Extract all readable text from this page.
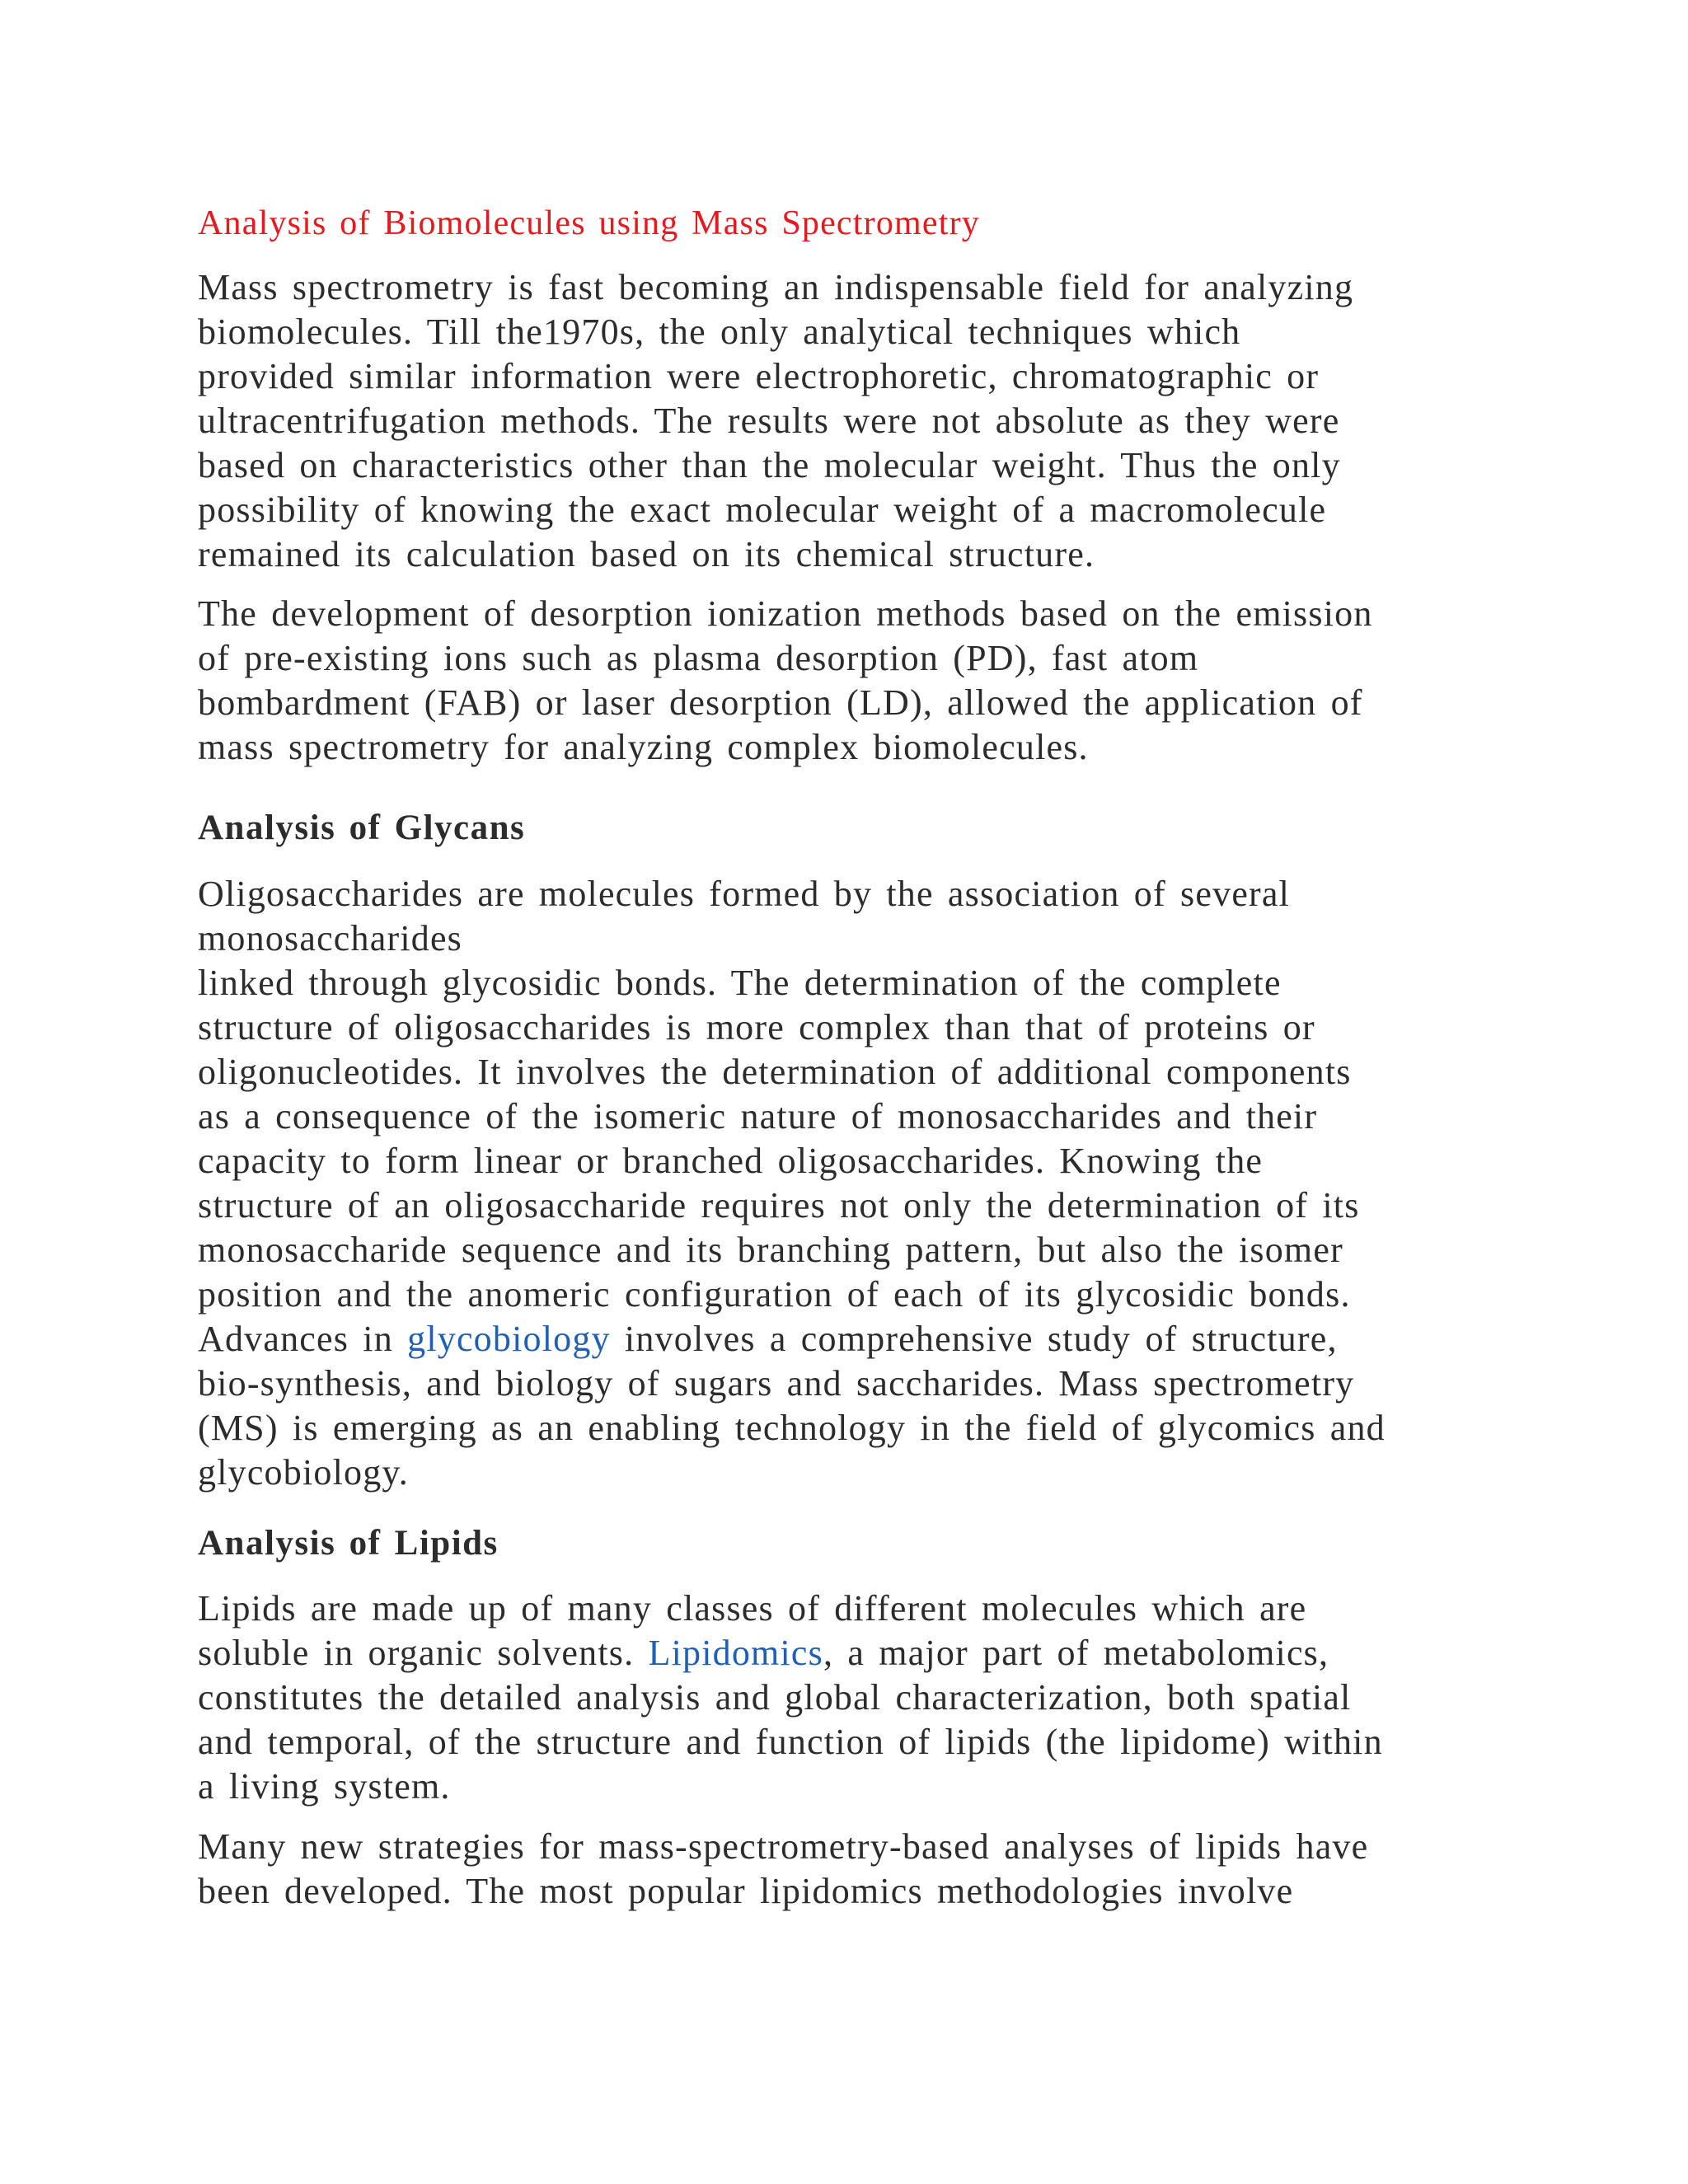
Analysis of Biomolecules using Mass Spectrometry

Mass spectrometry is fast becoming an indispensable field for analyzing
biomolecules. Till the1970s, the only analytical techniques which
provided similar information were electrophoretic, chromatographic or
ultracentrifugation methods. The results were not absolute as they were
based on characteristics other than the molecular weight. Thus the only
possibility of knowing the exact molecular weight of a macromolecule
remained its calculation based on its chemical structure.

The development of desorption ionization methods based on the emission
of pre-existing ions such as plasma desorption (PD), fast atom
bombardment (FAB) or laser desorption (LD), allowed the application of
mass spectrometry for analyzing complex biomolecules.

Analysis of Glycans

Oligosaccharides are molecules formed by the association of several
monosaccharides
linked through glycosidic bonds. The determination of the complete
structure of oligosaccharides is more complex than that of proteins or
oligonucleotides. It involves the determination of additional components
as a consequence of the isomeric nature of monosaccharides and their
capacity to form linear or branched oligosaccharides. Knowing the
structure of an oligosaccharide requires not only the determination of its
monosaccharide sequence and its branching pattern, but also the isomer
position and the anomeric configuration of each of its glycosidic bonds.
Advances in glycobiology involves a comprehensive study of structure,
bio-synthesis, and biology of sugars and saccharides. Mass spectrometry
(MS) is emerging as an enabling technology in the field of glycomics and
glycobiology.

Analysis of Lipids

Lipids are made up of many classes of different molecules which are
soluble in organic solvents. Lipidomics, a major part of metabolomics,
constitutes the detailed analysis and global characterization, both spatial
and temporal, of the structure and function of lipids (the lipidome) within
a living system.

Many new strategies for mass-spectrometry-based analyses of lipids have
been developed. The most popular lipidomics methodologies involve
